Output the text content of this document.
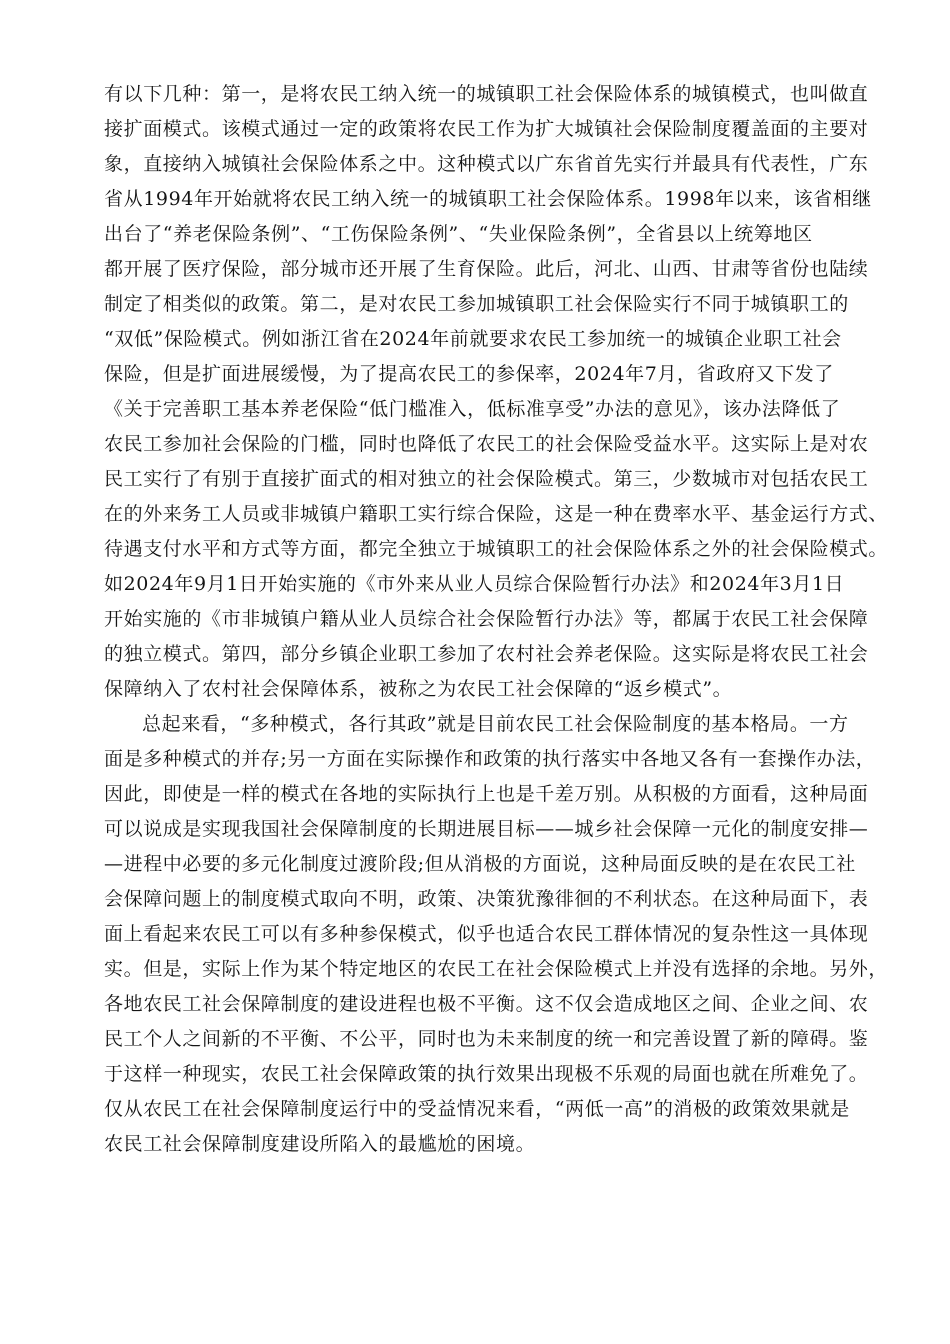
有以下几种：第一，是将农民工纳入统一的城镇职工社会保险体系的城镇模式，也叫做直
接扩面模式。该模式通过一定的政策将农民工作为扩大城镇社会保险制度覆盖面的主要对
象，直接纳入城镇社会保险体系之中。这种模式以广东省首先实行并最具有代表性，广东
省从1994年开始就将农民工纳入统一的城镇职工社会保险体系。1998年以来，该省相继
出台了“养老保险条例”、“工伤保险条例”、“失业保险条例”，全省县以上统筹地区
都开展了医疗保险，部分城市还开展了生育保险。此后，河北、山西、甘肃等省份也陆续
制定了相类似的政策。第二，是对农民工参加城镇职工社会保险实行不同于城镇职工的
“双低”保险模式。例如浙江省在2024年前就要求农民工参加统一的城镇企业职工社会
保险，但是扩面进展缓慢，为了提高农民工的参保率，2024年7月，省政府又下发了
《关于完善职工基本养老保险“低门槛准入，低标准享受”办法的意见》，该办法降低了
农民工参加社会保险的门槛，同时也降低了农民工的社会保险受益水平。这实际上是对农
民工实行了有别于直接扩面式的相对独立的社会保险模式。第三，少数城市对包括农民工
在的外来务工人员或非城镇户籍职工实行综合保险，这是一种在费率水平、基金运行方式、
待遇支付水平和方式等方面，都完全独立于城镇职工的社会保险体系之外的社会保险模式。
如2024年9月1日开始实施的《市外来从业人员综合保险暂行办法》和2024年3月1日
开始实施的《市非城镇户籍从业人员综合社会保险暂行办法》等，都属于农民工社会保障
的独立模式。第四，部分乡镇企业职工参加了农村社会养老保险。这实际是将农民工社会
保障纳入了农村社会保障体系，被称之为农民工社会保障的“返乡模式”。
总起来看，“多种模式，各行其政”就是目前农民工社会保险制度的基本格局。一方
面是多种模式的并存;另一方面在实际操作和政策的执行落实中各地又各有一套操作办法，
因此，即使是一样的模式在各地的实际执行上也是千差万别。从积极的方面看，这种局面
可以说成是实现我国社会保障制度的长期进展目标——城乡社会保障一元化的制度安排—
—进程中必要的多元化制度过渡阶段;但从消极的方面说，这种局面反映的是在农民工社
会保障问题上的制度模式取向不明，政策、决策犹豫徘徊的不利状态。在这种局面下，表
面上看起来农民工可以有多种参保模式，似乎也适合农民工群体情况的复杂性这一具体现
实。但是，实际上作为某个特定地区的农民工在社会保险模式上并没有选择的余地。另外，
各地农民工社会保障制度的建设进程也极不平衡。这不仅会造成地区之间、企业之间、农
民工个人之间新的不平衡、不公平，同时也为未来制度的统一和完善设置了新的障碍。鉴
于这样一种现实，农民工社会保障政策的执行效果出现极不乐观的局面也就在所难免了。
仅从农民工在社会保障制度运行中的受益情况来看，“两低一高”的消极的政策效果就是
农民工社会保障制度建设所陷入的最尴尬的困境。
